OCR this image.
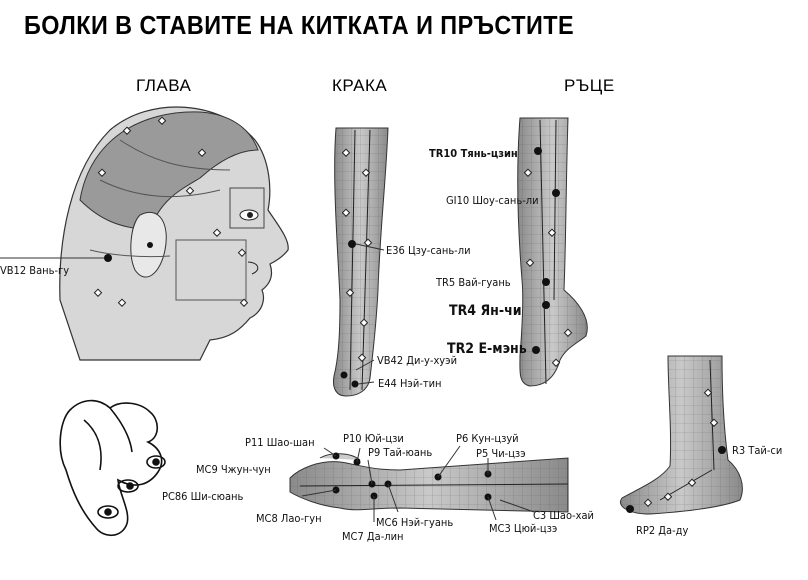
БОЛКИ В СТАВИТЕ НА КИТКАТА И ПРЪСТИТЕ
ГЛАВА	КРАКА	РЪЦЕ
VB12 Вань-гу
TR10 Тянь-цзин
GI10 Шоу-сань-ли
E36 Цзу-сань-ли
TR5 Вай-гуань
TR4 Ян-чи
TR2 Е-мэнь
VB42 Ди-у-хуэй
E44 Нэй-тин
P11 Шао-шан	P10 Юй-цзи
P9 Тай-юань
P6 Кун-цзуй
P5 Чи-цзэ
MC9 Чжун-чун
PC86 Ши-сюань
MC8 Лао-гун	MC6 Нэй-гуань
MC7 Да-лин
C3 Шао-хай
MC3 Цюй-цзэ
R3 Тай-си
RP2 Да-ду
